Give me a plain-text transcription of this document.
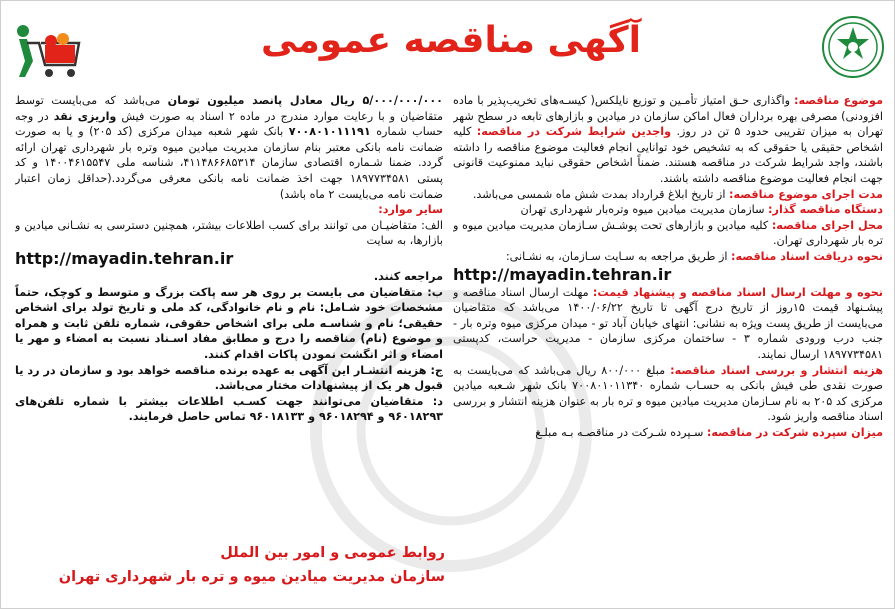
آگهی مناقصه عمومی
موضوع مناقصه: واگذاری حـق امتیاز تأمـین و توزیع نایلکس( کیسـه‌های تخریب‌پذیر با ماده افزودنی) مصرفی بهره برداران فعال اماکن سازمان در میادین و بازارهای تابعه در سطح شهر تهران به میزان تقریبی حدود ۵ تن در روز. واجدین شرایط شرکت در مناقصه: کلیه اشخاص حقیقی یا حقوقی که به تشخیص خود توانایی انجام فعالیت موضوع مناقصه را داشته باشند، واجد شرایط شرکت در مناقصه هستند. ضمناً اشخاص حقوقی نباید ممنوعیت قانونی جهت انجام فعالیت موضوع مناقصه داشته باشند.
مدت اجرای موضوع مناقصه: از تاریخ ابلاغ قرارداد بمدت شش ماه شمسی می‌باشد.
دستگاه مناقصه گذار: سازمان مدیریت میادین میوه وتره‌بار شهرداری تهران
محل اجرای مناقصه: کلیه میادین و بازارهای تحت پوشـش سـازمان مدیریت میادین میوه و تره بار شهرداری تهران.
نحوه دریافت اسناد مناقصه: از طریق مراجعه به سـایت سـازمان، به نشـانی:
http://mayadin.tehran.ir
نحوه و مهلت ارسال اسناد مناقصه و پیشنهاد قیمت: مهلت ارسال اسناد مناقصه و پیشـنهاد قیمت ۱۵روز از تاریخ درج آگهی تا تاریخ ۱۴۰۰/۰۶/۲۲ می‌باشد که متقاضیان می‌بایست از طریق پست ویژه به نشانی: انتهای خیابان آباد تو - میدان مرکزی میوه وتره بار - جنب درب ورودی شماره ۳ - ساختمان مرکزی سازمان - مدیریت حراست، کدپستی ۱۸۹۷۷۳۴۵۸۱ ارسال نمایند.
هزینه انتشار و بررسی اسناد مناقصه: مبلغ ۸۰۰/۰۰۰ ریال می‌باشد که می‌بایست به صورت نقدی طی فیش بانکی به حسـاب شماره ۷۰۰۸۰۱۰۱۱۳۴۰ بانک شهر شـعبه میادین مرکزی کد ۲۰۵ به نام سـازمان مدیریت میادین میوه و تره بار به عنوان هزینه انتشار و بررسی اسناد مناقصه واریز شود.
میزان سپرده شرکت در مناقصه: سـپرده شـرکت در مناقصـه بـه مبلـغ
۵/۰۰۰/۰۰۰/۰۰۰ ریال معادل پانصد میلیون تومان می‌باشد که می‌بایست توسط متقاضیان و با رعایت موارد مندرج در ماده ۲ اسناد به صورت فیش واریزی نقد در وجه حساب شماره ۷۰۰۸۰۱۰۱۱۱۹۱ بانک شهر شعبه میدان مرکزی (کد ۲۰۵) و یا به صورت ضمانت نامه بانکی معتبر بنام سازمان مدیریت میادین میوه وتره بار شهرداری تهران ارائه گردد. ضمنا شـماره اقتصادی سازمان ۴۱۱۴۸۶۶۸۵۳۱۴، شناسه ملی ۱۴۰۰۴۶۱۵۵۴۷ و کد پستی ۱۸۹۷۷۳۴۵۸۱ جهت اخذ ضمانت نامه بانکی معرفی می‌گردد.(حداقل زمان اعتبار ضمانت نامه می‌بایست ۲ ماه باشد)
سایر موارد:
الف: متقاضیـان می توانند برای کسب اطلاعات بیشتر، همچنین دسترسی به نشـانی میادین و بازارها، به سایت
http://mayadin.tehran.ir
مراجعه کنند.
ب: متقاضیان می بایست بر روی هر سه پاکت بزرگ و متوسط و کوچک، حتماً مشخصات خود شـامل: نام و نام خانوادگی، کد ملی و تاریخ تولد برای اشخاص حقیقی؛ نام و شناسـه ملی برای اشخاص حقوقی، شماره تلفن ثابت و همراه و موضوع (نام) مناقصه را درج و مطابق مفاد اسـناد نسبت به امضاء و مهر یا امضاء و اثر انگشت نمودن پاکات اقدام کنند.
ج: هزینه انتشـار این آگهی به عهده برنده مناقصه خواهد بود و سازمان در رد یا قبول هر یک از پیشنهادات مختار می‌باشد.
د: متقاضیان می‌توانند جهت کسـب اطلاعات بیشتر با شماره تلفن‌های ۹۶۰۱۸۲۹۳ و ۹۶۰۱۸۲۹۴ و ۹۶۰۱۸۱۳۳ تماس حاصل فرمایند.
روابط عمومی و امور بین الملل
سازمان مدیریت میادین میوه و تره بار شهرداری تهران
